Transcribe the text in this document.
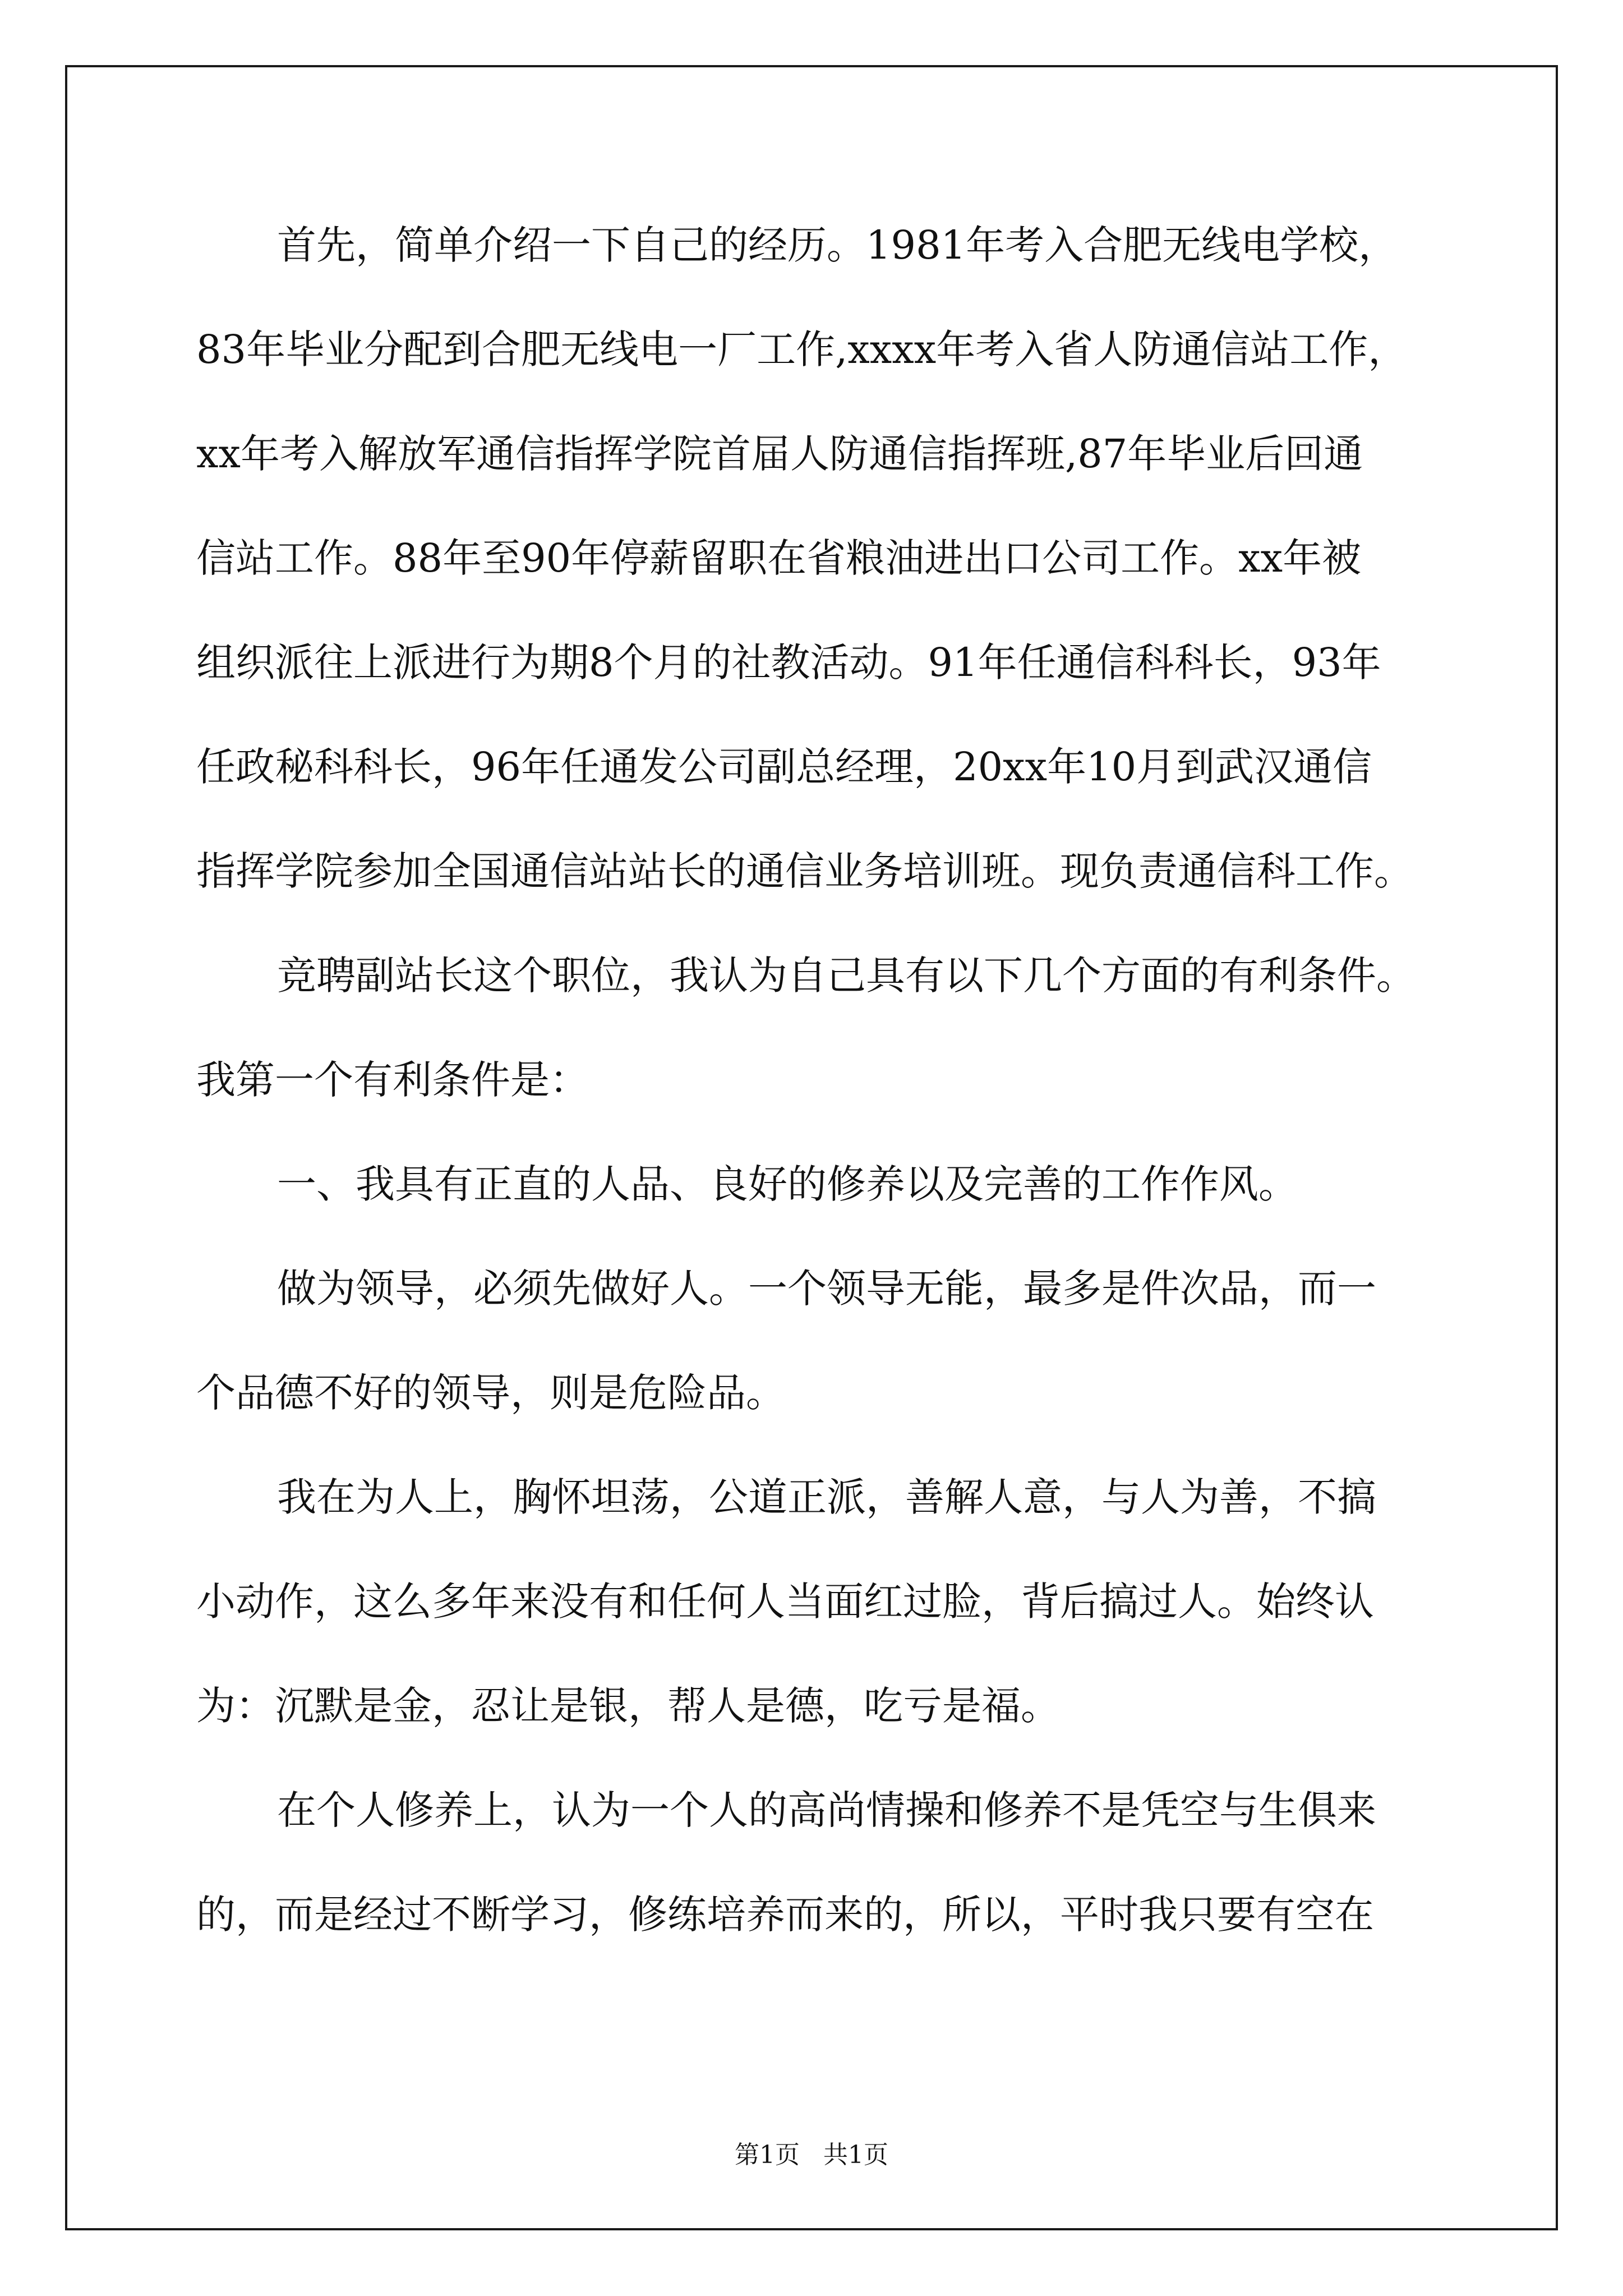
首先，简单介绍一下自己的经历。1981年考入合肥无线电学校，
83年毕业分配到合肥无线电一厂工作,xxxx年考入省人防通信站工作，
xx年考入解放军通信指挥学院首届人防通信指挥班,87年毕业后回通
信站工作。88年至90年停薪留职在省粮油进出口公司工作。xx年被
组织派往上派进行为期8个月的社教活动。91年任通信科科长，93年
任政秘科科长，96年任通发公司副总经理，20xx年10月到武汉通信
指挥学院参加全国通信站站长的通信业务培训班。现负责通信科工作。
竞聘副站长这个职位，我认为自己具有以下几个方面的有利条件。
我第一个有利条件是：
一、我具有正直的人品、良好的修养以及完善的工作作风。
做为领导，必须先做好人。一个领导无能，最多是件次品，而一
个品德不好的领导，则是危险品。
我在为人上，胸怀坦荡，公道正派，善解人意，与人为善，不搞
小动作，这么多年来没有和任何人当面红过脸，背后搞过人。始终认
为：沉默是金，忍让是银，帮人是德，吃亏是福。
在个人修养上，认为一个人的高尚情操和修养不是凭空与生俱来
的，而是经过不断学习，修练培养而来的，所以，平时我只要有空在
第1页   共1页
